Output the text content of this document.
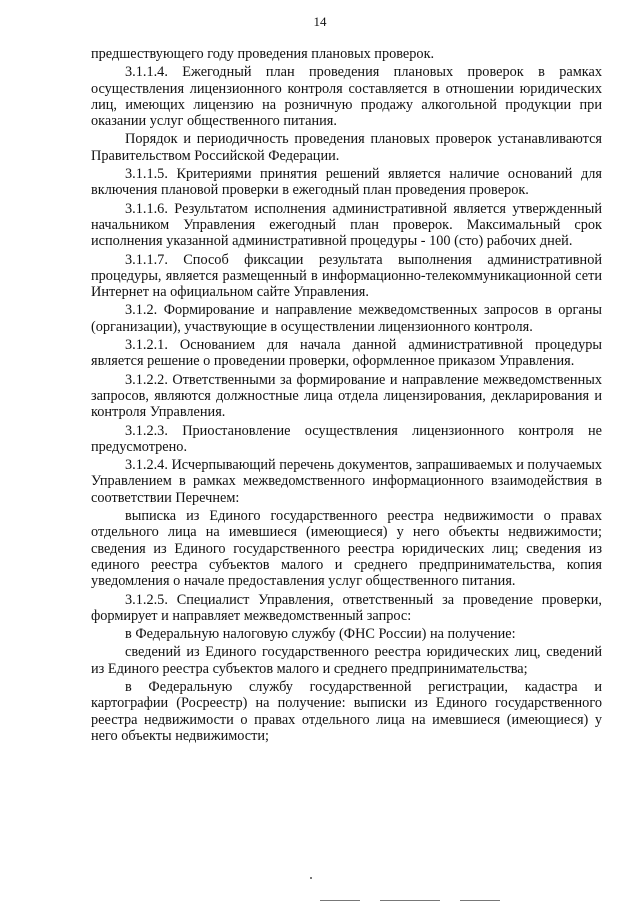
14

предшествующего году проведения плановых проверок.

3.1.1.4. Ежегодный план проведения плановых проверок в рамках осуществления лицензионного контроля составляется в отношении юридических лиц, имеющих лицензию на розничную продажу алкогольной продукции при оказании услуг общественного питания.

Порядок и периодичность проведения плановых проверок устанавливаются Правительством Российской Федерации.

3.1.1.5. Критериями принятия решений является наличие оснований для включения плановой проверки в ежегодный план проведения проверок.

3.1.1.6. Результатом исполнения административной является утвержденный начальником Управления ежегодный план проверок. Максимальный срок исполнения указанной административной процедуры - 100 (сто) рабочих дней.

3.1.1.7. Способ фиксации результата выполнения административной процедуры, является размещенный в информационно-телекоммуникационной сети Интернет на официальном сайте Управления.

3.1.2. Формирование и направление межведомственных запросов в органы (организации), участвующие в осуществлении лицензионного контроля.

3.1.2.1. Основанием для начала данной административной процедуры является решение о проведении проверки, оформленное приказом Управления.

3.1.2.2. Ответственными за формирование и направление межведомственных запросов, являются должностные лица отдела лицензирования, декларирования и контроля Управления.

3.1.2.3. Приостановление осуществления лицензионного контроля не предусмотрено.

3.1.2.4. Исчерпывающий перечень документов, запрашиваемых и получаемых Управлением в рамках межведомственного информационного взаимодействия в соответствии Перечнем:

выписка из Единого государственного реестра недвижимости о правах отдельного лица на имевшиеся (имеющиеся) у него объекты недвижимости; сведения из Единого государственного реестра юридических лиц; сведения из единого реестра субъектов малого и среднего предпринимательства, копия уведомления о начале предоставления услуг общественного питания.

3.1.2.5. Специалист Управления, ответственный за проведение проверки, формирует и направляет межведомственный запрос:

в Федеральную налоговую службу (ФНС России) на получение:

сведений из Единого государственного реестра юридических лиц, сведений из Единого реестра субъектов малого и среднего предпринимательства;

в Федеральную службу государственной регистрации, кадастра и картографии (Росреестр) на получение: выписки из Единого государственного реестра недвижимости о правах отдельного лица на имевшиеся (имеющиеся) у него объекты недвижимости;
